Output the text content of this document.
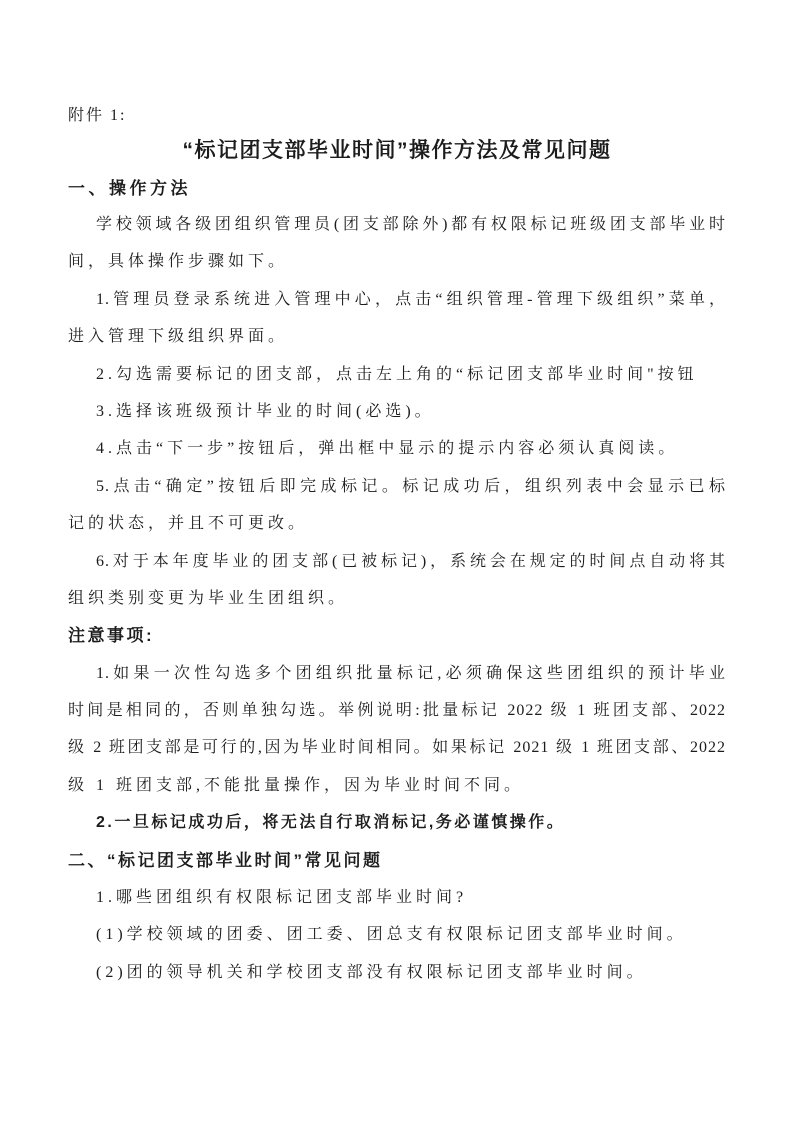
附件 1:
“标记团支部毕业时间”操作方法及常见问题
一、操作方法
学校领域各级团组织管理员(团支部除外)都有权限标记班级团支部毕业时
间，具体操作步骤如下。
1.管理员登录系统进入管理中心，点击“组织管理-管理下级组织”菜单，
进入管理下级组织界面。
2.勾选需要标记的团支部，点击左上角的“标记团支部毕业时间"按钮
3.选择该班级预计毕业的时间(必选)。
4.点击“下一步”按钮后，弹出框中显示的提示内容必须认真阅读。
5.点击“确定”按钮后即完成标记。标记成功后，组织列表中会显示已标
记的状态，并且不可更改。
6.对于本年度毕业的团支部(已被标记)，系统会在规定的时间点自动将其
组织类别变更为毕业生团组织。
注意事项:
1.如果一次性勾选多个团组织批量标记,必须确保这些团组织的预计毕业
时间是相同的，否则单独勾选。举例说明:批量标记 2022 级 1 班团支部、2022
级 2 班团支部是可行的,因为毕业时间相同。如果标记 2021 级 1 班团支部、2022
级 1 班团支部,不能批量操作，因为毕业时间不同。
2.一旦标记成功后，将无法自行取消标记,务必谨慎操作。
二、“标记团支部毕业时间”常见问题
1.哪些团组织有权限标记团支部毕业时间?
(1)学校领域的团委、团工委、团总支有权限标记团支部毕业时间。
(2)团的领导机关和学校团支部没有权限标记团支部毕业时间。
